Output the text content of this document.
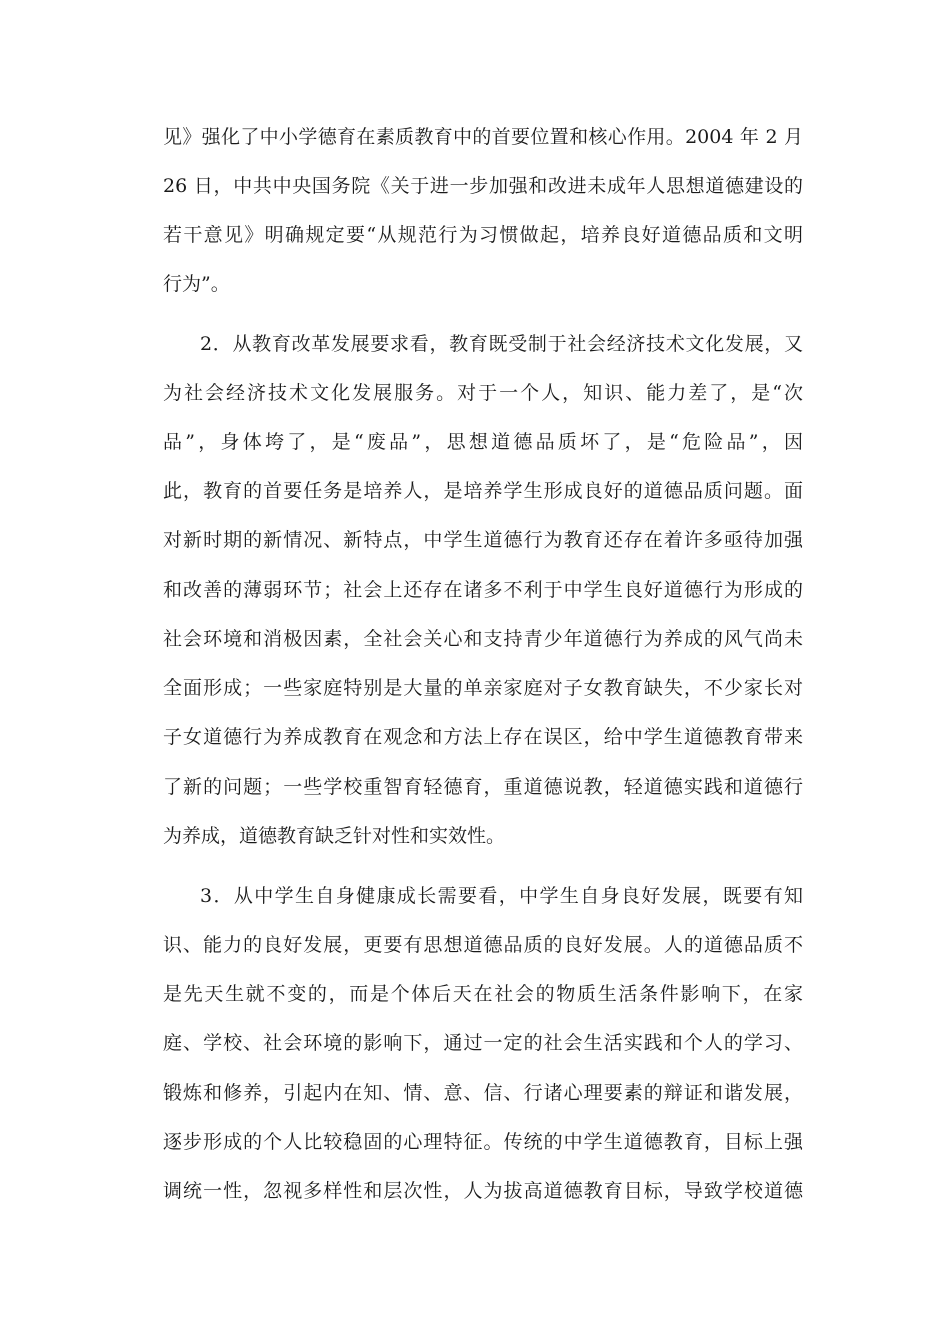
见》强化了中小学德育在素质教育中的首要位置和核心作用。2004 年 2 月
26 日，中共中央国务院《关于进一步加强和改进未成年人思想道德建设的
若干意见》明确规定要“从规范行为习惯做起，培养良好道德品质和文明
行为”。
2．从教育改革发展要求看，教育既受制于社会经济技术文化发展，又
为社会经济技术文化发展服务。对于一个人，知识、能力差了，是“次
品”，身体垮了，是“废品”，思想道德品质坏了，是“危险品”，因
此，教育的首要任务是培养人，是培养学生形成良好的道德品质问题。面
对新时期的新情况、新特点，中学生道德行为教育还存在着许多亟待加强
和改善的薄弱环节；社会上还存在诸多不利于中学生良好道德行为形成的
社会环境和消极因素，全社会关心和支持青少年道德行为养成的风气尚未
全面形成；一些家庭特别是大量的单亲家庭对子女教育缺失，不少家长对
子女道德行为养成教育在观念和方法上存在误区，给中学生道德教育带来
了新的问题；一些学校重智育轻德育，重道德说教，轻道德实践和道德行
为养成，道德教育缺乏针对性和实效性。
3．从中学生自身健康成长需要看，中学生自身良好发展，既要有知
识、能力的良好发展，更要有思想道德品质的良好发展。人的道德品质不
是先天生就不变的，而是个体后天在社会的物质生活条件影响下，在家
庭、学校、社会环境的影响下，通过一定的社会生活实践和个人的学习、
锻炼和修养，引起内在知、情、意、信、行诸心理要素的辩证和谐发展，
逐步形成的个人比较稳固的心理特征。传统的中学生道德教育，目标上强
调统一性，忽视多样性和层次性，人为拔高道德教育目标，导致学校道德
